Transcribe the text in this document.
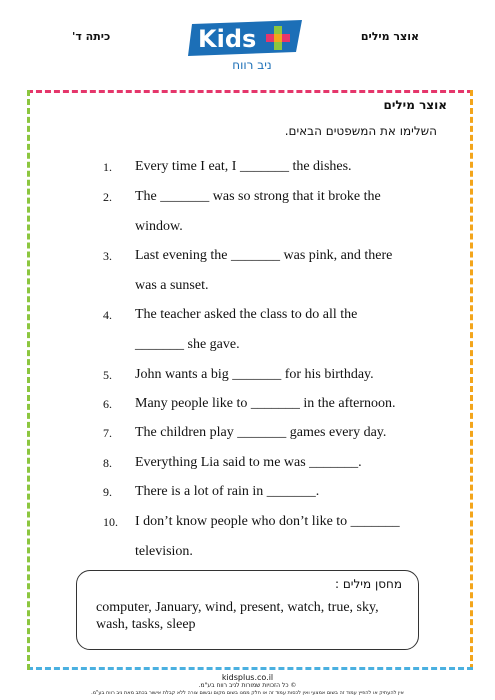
כיתה ד'	Kids
ניב רווח
אוצר מילים
אוצר מילים
השלימו את המשפטים הבאים.
1.	Every time I eat, I _______ the dishes.
2.	The _______ was so strong that it broke the
window.
3.	Last evening the _______ was pink, and there
was a sunset.
4.	The teacher asked the class to do all the
_______ she gave.
5.	John wants a big _______ for his birthday.
6.	Many people like to _______ in the afternoon.
7.	The children play _______ games every day.
8.	Everything Lia said to me was _______.
9.	There is a lot of rain in _______.
10. I don’t know people who don’t like to _______
television.
מחסן מילים :
computer, January, wind, present, watch, true, sky, wash, tasks, sleep
kidsplus.co.il
© כל הזכויות שמורות לניב רווח בע"מ.
אין להעתיק או להפיץ עמוד זה בשום אמצעי ואין לכסות עמוד זה או חלק ממנו בשום מקום ובשום צורה ללא קבלת אישור בכתב מאת ניב רווח בע"מ.
